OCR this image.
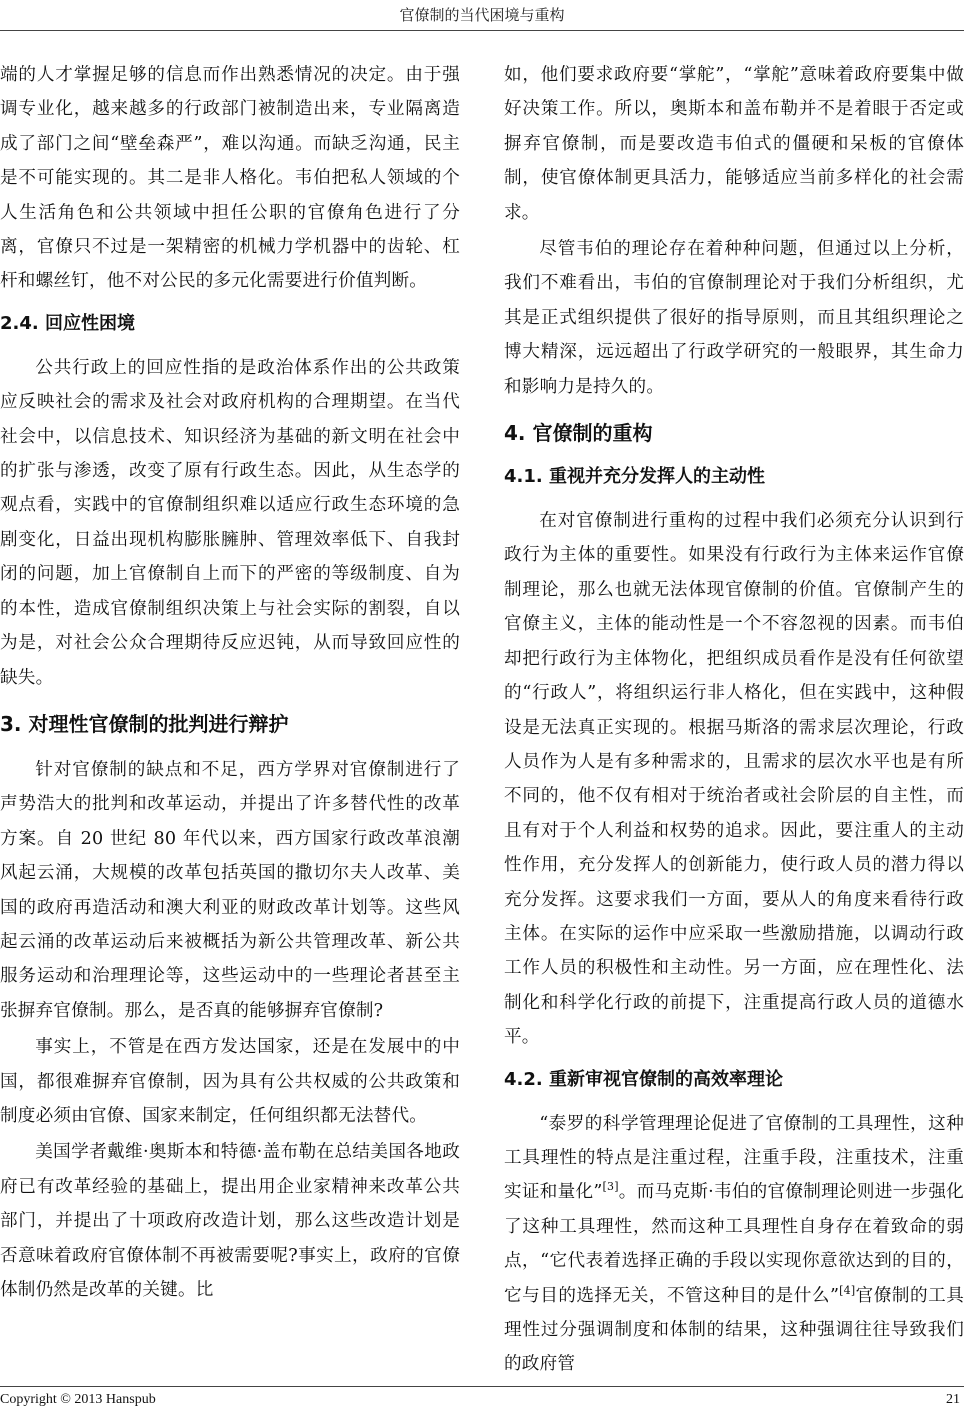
官僚制的当代困境与重构

端的人才掌握足够的信息而作出熟悉情况的决定。由于强调专业化，越来越多的行政部门被制造出来，专业隔离造成了部门之间“壁垒森严”，难以沟通。而缺乏沟通，民主是不可能实现的。其二是非人格化。韦伯把私人领域的个人生活角色和公共领域中担任公职的官僚角色进行了分离，官僚只不过是一架精密的机械力学机器中的齿轮、杠杆和螺丝钉，他不对公民的多元化需要进行价值判断。

2.4. 回应性困境

公共行政上的回应性指的是政治体系作出的公共政策应反映社会的需求及社会对政府机构的合理期望。在当代社会中，以信息技术、知识经济为基础的新文明在社会中的扩张与渗透，改变了原有行政生态。因此，从生态学的观点看，实践中的官僚制组织难以适应行政生态环境的急剧变化，日益出现机构膨胀臃肿、管理效率低下、自我封闭的问题，加上官僚制自上而下的严密的等级制度、自为的本性，造成官僚制组织决策上与社会实际的割裂，自以为是，对社会公众合理期待反应迟钝，从而导致回应性的缺失。

3. 对理性官僚制的批判进行辩护

针对官僚制的缺点和不足，西方学界对官僚制进行了声势浩大的批判和改革运动，并提出了许多替代性的改革方案。自 20 世纪 80 年代以来，西方国家行政改革浪潮风起云涌，大规模的改革包括英国的撒切尔夫人改革、美国的政府再造活动和澳大利亚的财政改革计划等。这些风起云涌的改革运动后来被概括为新公共管理改革、新公共服务运动和治理理论等，这些运动中的一些理论者甚至主张摒弃官僚制。那么，是否真的能够摒弃官僚制?

事实上，不管是在西方发达国家，还是在发展中的中国，都很难摒弃官僚制，因为具有公共权威的公共政策和制度必须由官僚、国家来制定，任何组织都无法替代。

美国学者戴维·奥斯本和特德·盖布勒在总结美国各地政府已有改革经验的基础上，提出用企业家精神来改革公共部门，并提出了十项政府改造计划，那么这些改造计划是否意味着政府官僚体制不再被需要呢?事实上，政府的官僚体制仍然是改革的关键。比

如，他们要求政府要“掌舵”，“掌舵”意味着政府要集中做好决策工作。所以，奥斯本和盖布勒并不是着眼于否定或摒弃官僚制，而是要改造韦伯式的僵硬和呆板的官僚体制，使官僚体制更具活力，能够适应当前多样化的社会需求。

尽管韦伯的理论存在着种种问题，但通过以上分析，我们不难看出，韦伯的官僚制理论对于我们分析组织，尤其是正式组织提供了很好的指导原则，而且其组织理论之博大精深，远远超出了行政学研究的一般眼界，其生命力和影响力是持久的。

4. 官僚制的重构
4.1. 重视并充分发挥人的主动性

在对官僚制进行重构的过程中我们必须充分认识到行政行为主体的重要性。如果没有行政行为主体来运作官僚制理论，那么也就无法体现官僚制的价值。官僚制产生的官僚主义，主体的能动性是一个不容忽视的因素。而韦伯却把行政行为主体物化，把组织成员看作是没有任何欲望的“行政人”，将组织运行非人格化，但在实践中，这种假设是无法真正实现的。根据马斯洛的需求层次理论，行政人员作为人是有多种需求的，且需求的层次水平也是有所不同的，他不仅有相对于统治者或社会阶层的自主性，而且有对于个人利益和权势的追求。因此，要注重人的主动性作用，充分发挥人的创新能力，使行政人员的潜力得以充分发挥。这要求我们一方面，要从人的角度来看待行政主体。在实际的运作中应采取一些激励措施，以调动行政工作人员的积极性和主动性。另一方面，应在理性化、法制化和科学化行政的前提下，注重提高行政人员的道德水平。

4.2. 重新审视官僚制的高效率理论

“泰罗的科学管理理论促进了官僚制的工具理性，这种工具理性的特点是注重过程，注重手段，注重技术，注重实证和量化”[3]。而马克斯·韦伯的官僚制理论则进一步强化了这种工具理性，然而这种工具理性自身存在着致命的弱点，“它代表着选择正确的手段以实现你意欲达到的目的，它与目的选择无关，不管这种目的是什么”[4]官僚制的工具理性过分强调制度和体制的结果，这种强调往往导致我们的政府管

Copyright © 2013 Hanspub	21
